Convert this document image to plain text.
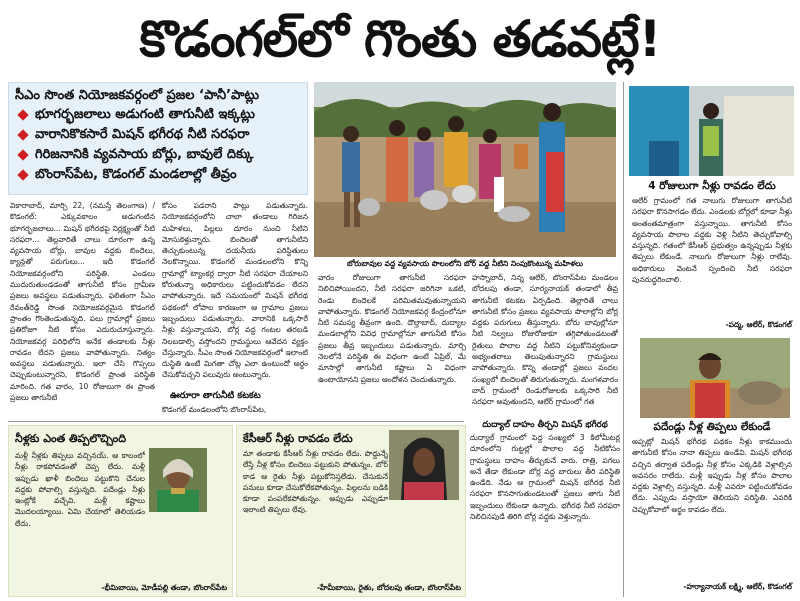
కొడంగల్‌లో గొంతు తడవట్లే!
సీఎం సొంత నియోజకవర్గంలో ప్రజల ‘పానీ’పాట్లు
భూగర్భజలాలు అడుగంటి తాగునీటి ఇక్కట్లు
వారానికొకసారే మిషన్ భగీరథ నీటి సరఫరా
గిరిజనానికి వ్యవసాయ బోర్లు, బావులే దిక్కు
బొంరాస్‌పేట, కొడంగల్ మండలాల్లో తీవ్రం
బోరుబావుల వద్ద వ్యవసాయ పొలంలోని బోర్ వద్ద నీటిని నింపుకొంటున్న మహిళలు
వికారాబాద్, మార్చి 22, (నమస్తే తెలంగాణ) / కొడంగల్: ఎక్కువకాలం అడుగంటిన భూగర్భజలాలు... మిషన్ భగీరథపై నిర్లక్ష్యంతో నీటి సరఫరా... తెల్లవారితే చాలు దూరంగా ఉన్న వ్యవసాయ బోర్లు, బావుల వద్దకు బిందెలు, క్యాన్లతో పరుగులు... ఇదీ కొడంగల్ నియోజకవర్గంలోని పరిస్థితి. ఎండలు ముదురుతుండడంతో తాగునీటి కోసం గ్రామీణ ప్రజలు అవస్థలు పడుతున్నారు. ఫలితంగా సీఎం రేవంత్‌రెడ్డి సొంత నియోజకవర్గమైన కొడంగల్ ప్రాంతం గొంతెండుతున్నది. పలు గ్రామాల్లో ప్రజలు ప్రతిరోజూ నీటి కోసం ఎదురుచూస్తున్నారు. నియోజకవర్గ పరిధిలోని అనేక తండాలకు నీళ్లు రావడం లేదని ప్రజలు వాపోతున్నారు. నిత్యం అవస్థలు పడుతున్నారు. ఇలా చేసి గొప్పలు చెప్పుకుంటున్నారని, కొడంగల్ ప్రాంత పరిస్థితి మారింది. గత వారం, 10 రోజులుగా ఈ ప్రాంత ప్రజలు తాగునీటి
కోసం పడరాని పాట్లు పడుతున్నారు. నియోజకవర్గంలోని చాలా తండాలు గిరిజన మహిళలు, పిల్లలు దూరం నుంచి నీటిని మోసుకెళ్తున్నారు. బిందెలతో తాగునీటిని తెచ్చుకుంటున్న దయనీయ పరిస్థితులు నెలకొన్నాయి. కొడంగల్ మండలంలోని కొన్ని గ్రామాల్లో ట్యాంకర్ల ద్వారా నీటి సరఫరా చేయాలని కోరుతున్నా అధికారులు పట్టించుకోవడం లేదని వాపోతున్నారు. ఇదే సమయంలో మిషన్ భగీరథ పథకంలో లోపాల కారణంగా ఆ గ్రామాల ప్రజలు ఇబ్బందులు పడుతున్నారు. వారానికి ఒక్కసారే నీళ్లు వస్తున్నాయని, బోర్ల వద్ద గంటల తరబడి నిలబడాల్సి వస్తోందని గ్రామస్థులు ఆవేదన వ్యక్తం చేస్తున్నారు. సీఎం సొంత నియోజకవర్గంలో ఇలాంటి దుస్థితి ఉంటే మిగతా చోట్ల ఎలా ఉంటుందో అర్థం చేసుకోవచ్చని పలువురు అంటున్నారు.
ఊరూరా తాగునీటి కటకట
కొడంగల్ మండలంలోని బొంరాస్‌పేట,
వారం రోజులుగా తాగునీటి సరఫరా నిలిచిపోయిందని, నీటి సరఫరా జరిగినా ఒకటి, రెండు బిందెలకే పరిమితమవుతున్నాయని వాపోతున్నారు. కొడంగల్ నియోజకవర్గ కేంద్రంలోనూ నీటి సమస్య తీవ్రంగా ఉంది. దౌల్తాబాద్, దుద్యాల మండలాల్లోని వివిధ గ్రామాల్లోనూ తాగునీటి కోసం ప్రజలు తీవ్ర ఇబ్బందులు పడుతున్నారు. మార్చి నెలలోనే పరిస్థితి ఈ విధంగా ఉంటే ఏప్రిల్, మే మాసాల్లో తాగునీటి కష్టాలు ఏ విధంగా ఉంటాయోనని ప్రజలు ఆందోళన చెందుతున్నారు.
హస్నాబాద్, నిన్న ఆలేర్, బొంరాస్‌పేట మండలం బోదలపు తండా, సూర్యనాయక్ తండాలో తీవ్ర తాగునీటి కటకట ఏర్పడింది. తెల్లారితే చాలు తాగునీటి కోసం ప్రజలు వ్యవసాయ పొలాల్లోని బోర్ల వద్దకు పరుగులు తీస్తున్నారు. బోరు బావుల్లోనూ నీటి నిల్వలు రోజురోజుకూ తగ్గిపోతుండటంతో రైతులు పొలాల వద్ద నీటిని పట్టుకోనివ్వకుండా అభ్యంతరాలు తెలుపుతున్నారని గ్రామస్థులు వాపోతున్నారు. కొన్ని తండాల్లో ప్రజలు వందల సంఖ్యలో బిందెలతో తిరుగుతున్నారు. మంగళవారం బాద్ గ్రామంలో రెండురోజులకు ఒక్కసారి నీటి సరఫరా అవుతుందని, ఆలేర్ గ్రామంలో గత
దుద్యాల్ దాహం తీర్చని మిషన్ భగీరథ
దుద్యాల్ గ్రామంలో పెద్ద సంఖ్యలో 3 కిలోమీటర్ల దూరంలోని గుట్టల్లో పొలాల వద్ద నీటికోసం గ్రామస్థులు దాహం తీర్చుకునే వారు. రాత్రి, పగలు అనే తేడా లేకుండా బోర్ల వద్ద బారులు తీరి పరిస్థితి ఉండేది. నేడు ఆ గ్రామంలో మిషన్ భగీరథ నీటి సరఫరా కొనసాగుతుండటంతో ప్రజలు తాగు నీటి ఇబ్బందులు లేకుండా ఉన్నారు. భగీరథ నీటి సరఫరా నిలిచినపుడే తిరిగి బోర్ల వద్దకు వెళ్తున్నారు.
నీళ్లకు ఎంత తిప్పలొచ్చింది
మళ్లీ నీళ్లకు తిప్పలు వచ్చినయ్. ఆ కాలంలో నీళ్లు రాకపోవడంతో చెప్ప లేదు. మళ్లీ ఇప్పుడు ఖాళీ బిందెలు పట్టుకొని చేనుల వద్దకు పోవాల్సి వస్తున్నది. పదేండ్లు నీళ్లు ఇంట్లోకే వచ్చేవి. మళ్లీ కష్టాలు మొదలయ్యాయి. ఏమి చేయాలో తెలియడం లేదు.
-భీమిబాయి, మోడీపల్లి తండా, బొంరాస్‌పేట
కేసీఆర్ నీళ్లు రావడం లేదు
మా తండాకు కేసీఆర్ నీళ్లు రావడం లేదు. పొద్దున్నే లేస్తే నీళ్ల కోసం బిందెలు పట్టుకుని పోతున్నం. బోర్ కాడ ఆ రైతు నీళ్లు పట్టుకోనిస్తలేడు. చేసుకునే పనులు కూడా చేసుకోలేకపోతున్నం. పిల్లలను బడికి కూడా పంపలేకపోతున్నం. అప్పుడు ఎప్పుడూ ఇలాంటి తిప్పలు లేవు.
-హేమీబాయి, రైతు, బోదలపు తండా, బొంరాస్‌పేట
4 రోజులుగా నీళ్లు రావడం లేదు
ఆలేర్ గ్రామంలో గత నాలుగు రోజులుగా తాగునీటి సరఫరా కొనసాగడం లేదు. ఎండలకు బోర్లలో కూడా నీళ్లు అంతంతమాత్రంగా వస్తున్నాయి. తాగునీటి కోసం వ్యవసాయ పొలాల వద్దకు వెళ్లి నీటిని తెచ్చుకోవాల్సి వస్తున్నది. గతంలో కేసీఆర్ ప్రభుత్వం ఉన్నప్పుడు నీళ్లకు తిప్పలు లేకుండే. నాలుగు రోజులుగా నీళ్లు రాలేవు. అధికారులు వెంటనే స్పందించి నీటి సరఫరా పునరుద్ధరించాలి.
-పద్మ, ఆలేర్, కొడంగల్
పదేండ్లు నీళ్ల తిప్పలు లేకుండే
అప్పట్లో మిషన్ భగీరథ పథకం నీళ్లు కాకముందు తాగునీటి కోసం నానా తిప్పలు ఉండేవి. మిషన్ భగీరథ వచ్చిన తర్వాత పదేండ్లు నీళ్ల కోసం ఎక్కడికి వెళ్లాల్సిన అవసరం రాలేదు. మళ్లీ ఇప్పుడు నీళ్ల కోసం పొలాల వద్దకు వెళ్లాల్సి వస్తున్నది. మళ్లీ ఎవరూ పట్టించుకోవడం లేదు. ఎప్పుడు వస్తాయో తెలియని పరిస్థితి. ఎవరికి చెప్పుకోవాలో అర్థం కావడం లేదు.
-హర్యానాయక్ లక్ష్మి, ఆలేర్, కొడంగల్
